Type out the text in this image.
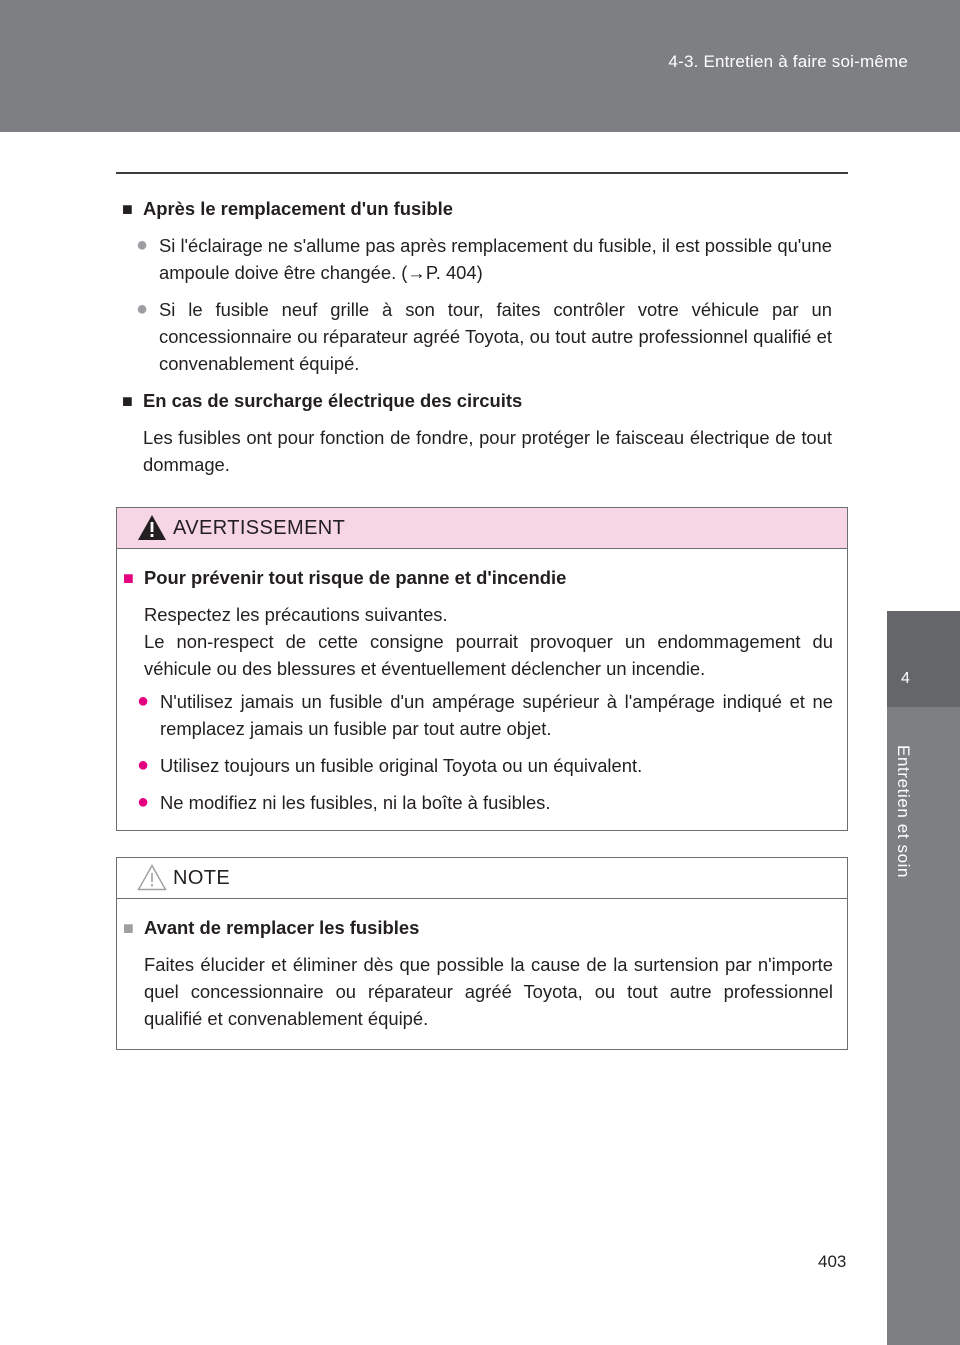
4-3. Entretien à faire soi-même
4
Entretien et soin
■ Après le remplacement d'un fusible
● Si l'éclairage ne s'allume pas après remplacement du fusible, il est possible qu'une ampoule doive être changée. (→P. 404)
● Si le fusible neuf grille à son tour, faites contrôler votre véhicule par un concessionnaire ou réparateur agréé Toyota, ou tout autre professionnel qualifié et convenablement équipé.
■ En cas de surcharge électrique des circuits
Les fusibles ont pour fonction de fondre, pour protéger le faisceau électrique de tout dommage.
AVERTISSEMENT
■ Pour prévenir tout risque de panne et d'incendie
Respectez les précautions suivantes.
Le non-respect de cette consigne pourrait provoquer un endommagement du véhicule ou des blessures et éventuellement déclencher un incendie.
● N'utilisez jamais un fusible d'un ampérage supérieur à l'ampérage indiqué et ne remplacez jamais un fusible par tout autre objet.
● Utilisez toujours un fusible original Toyota ou un équivalent.
● Ne modifiez ni les fusibles, ni la boîte à fusibles.
NOTE
■ Avant de remplacer les fusibles
Faites élucider et éliminer dès que possible la cause de la surtension par n'importe quel concessionnaire ou réparateur agréé Toyota, ou tout autre professionnel qualifié et convenablement équipé.
403
